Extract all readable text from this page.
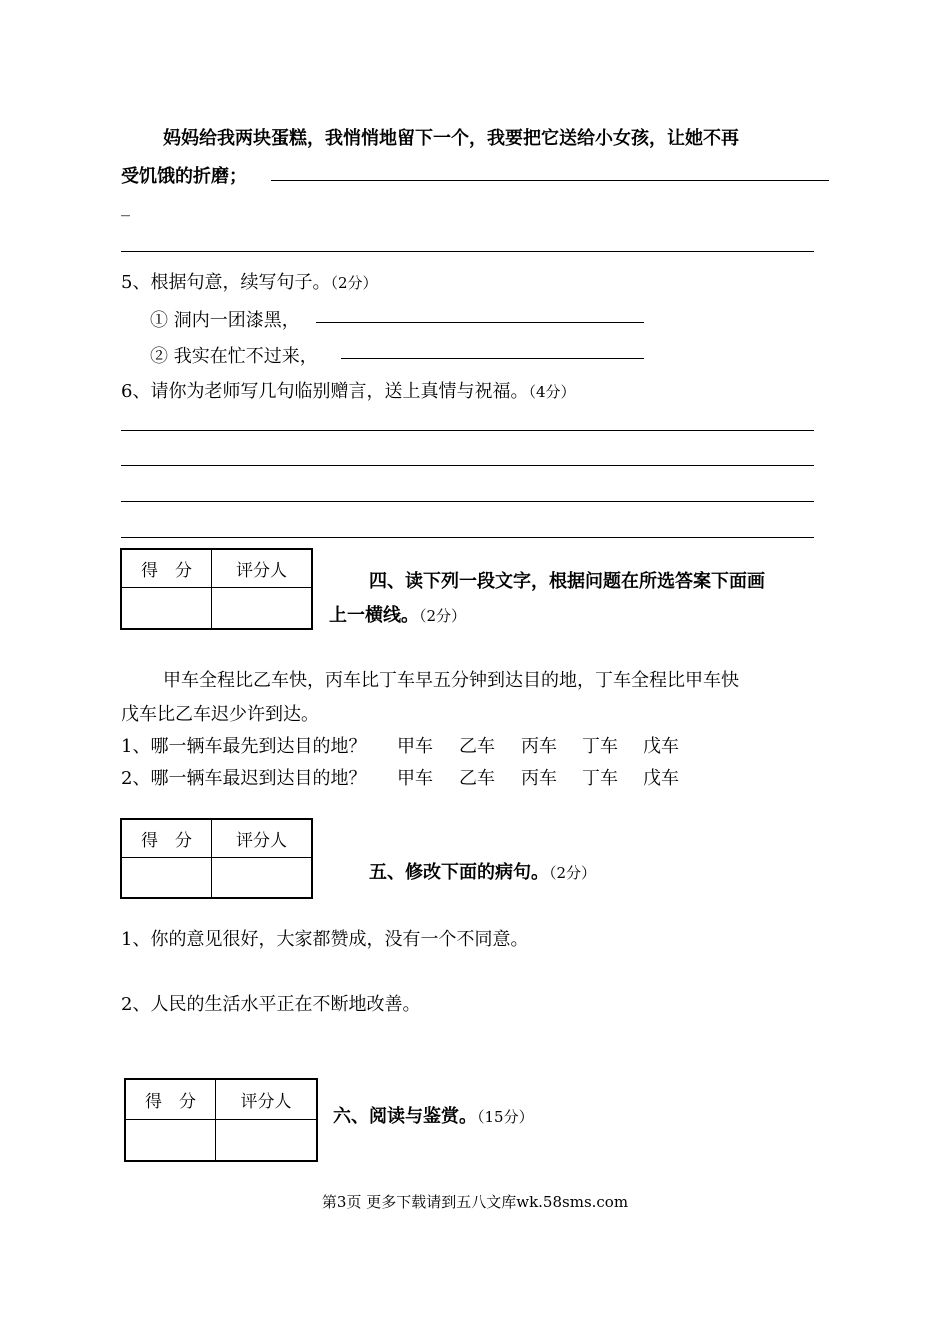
妈妈给我两块蛋糕，我悄悄地留下一个，我要把它送给小女孩，让她不再
受饥饿的折磨；
_
5、根据句意，续写句子。（2分）
① 洞内一团漆黑，
② 我实在忙不过来，
6、请你为老师写几句临别赠言，送上真情与祝福。（4分）
得　分	评分人

四、读下列一段文字，根据问题在所选答案下面画
上一横线。（2分）
甲车全程比乙车快，丙车比丁车早五分钟到达目的地，丁车全程比甲车快
戊车比乙车迟少许到达。
1、哪一辆车最先到达目的地？ 甲车 乙车 丙车 丁车 戊车
2、哪一辆车最迟到达目的地？ 甲车 乙车 丙车 丁车 戊车
得　分	评分人

五、修改下面的病句。（2分）
1、你的意见很好，大家都赞成，没有一个不同意。
2、人民的生活水平正在不断地改善。
得　分	评分人

六、阅读与鉴赏。（15分）
第3页 更多下载请到五八文库wk.58sms.com
